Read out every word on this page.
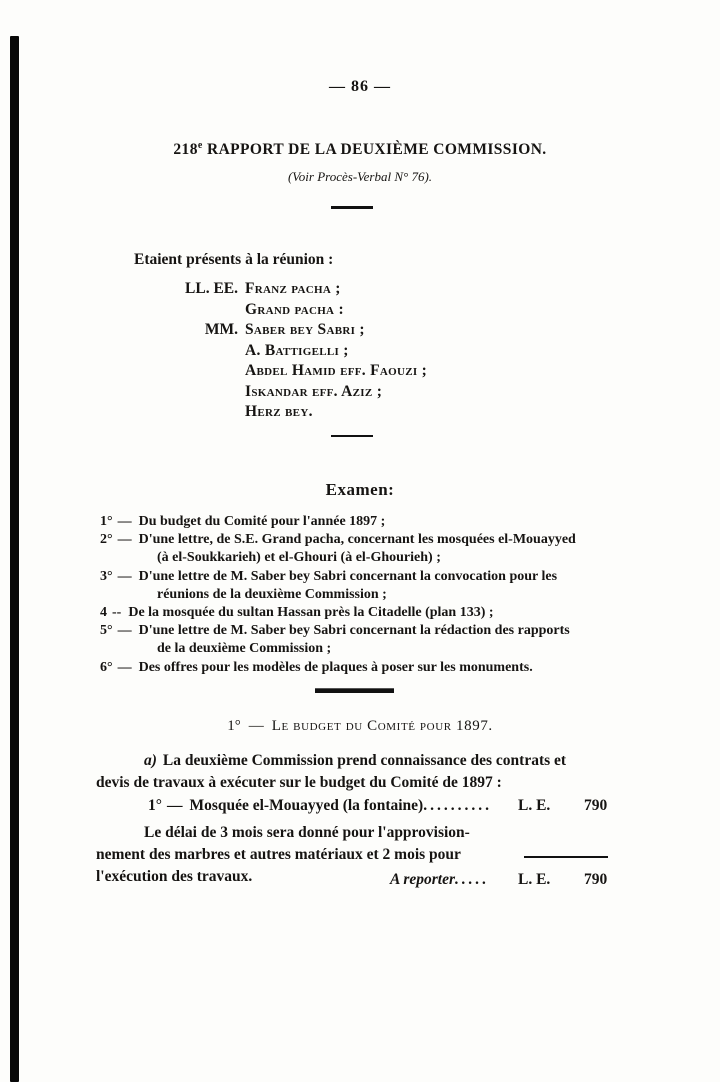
— 86 —
218e RAPPORT DE LA DEUXIÈME COMMISSION.
(Voir Procès-Verbal N° 76).
Etaient présents à la réunion :
LL. EE. Franz pacha ;
Grand pacha :
MM. Saber bey Sabri ;
A. Battigelli ;
Abdel Hamid eff. Faouzi ;
Iskandar eff. Aziz ;
Herz bey.
Examen:
1° — Du budget du Comité pour l'année 1897 ;
2° — D'une lettre, de S.E. Grand pacha, concernant les mosquées el-Mouayyed
(à el-Soukkarieh) et el-Ghouri (à el-Ghourieh) ;
3° — D'une lettre de M. Saber bey Sabri concernant la convocation pour les
réunions de la deuxième Commission ;
4 -- De la mosquée du sultan Hassan près la Citadelle (plan 133) ;
5° — D'une lettre de M. Saber bey Sabri concernant la rédaction des rapports
de la deuxième Commission ;
6° — Des offres pour les modèles de plaques à poser sur les monuments.
1° — Le budget du Comité pour 1897.
a) La deuxième Commission prend connaissance des contrats et
devis de travaux à exécuter sur le budget du Comité de 1897 :
1° — Mosquée el-Mouayyed (la fontaine).......... L. E. 790
Le délai de 3 mois sera donné pour l'approvision-
nement des marbres et autres matériaux et 2 mois pour
l'exécution des travaux.	A reporter..... L. E. 790
